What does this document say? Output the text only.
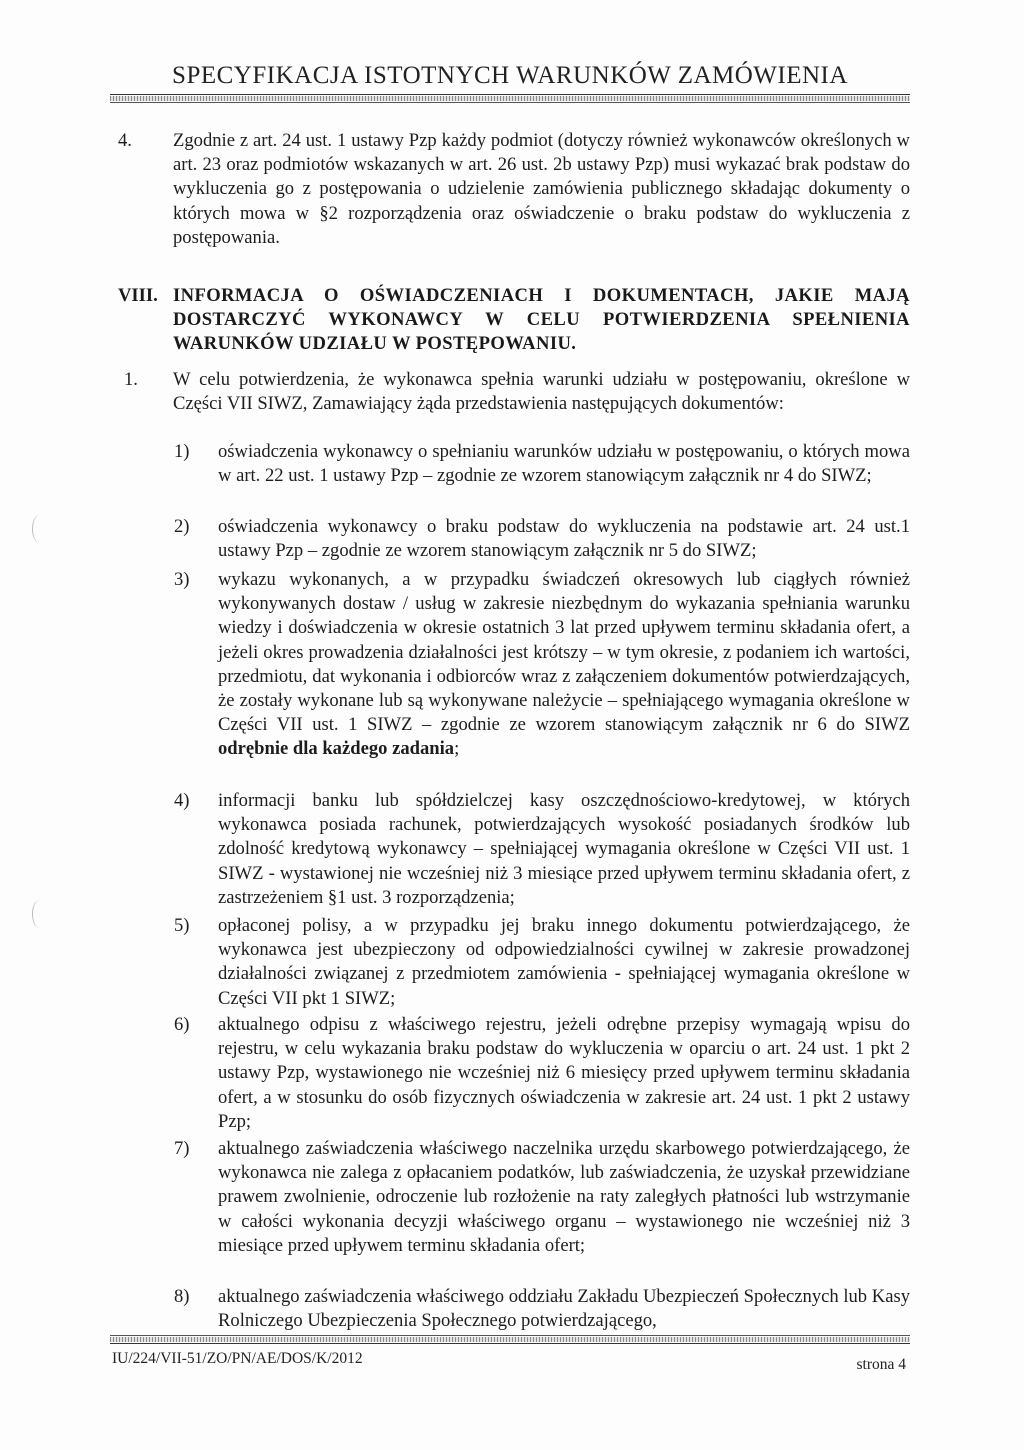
SPECYFIKACJA ISTOTNYCH WARUNKÓW ZAMÓWIENIA
4. Zgodnie z art. 24 ust. 1 ustawy Pzp każdy podmiot (dotyczy również wykonawców określonych w art. 23 oraz podmiotów wskazanych w art. 26 ust. 2b ustawy Pzp) musi wykazać brak podstaw do wykluczenia go z postępowania o udzielenie zamówienia publicznego składając dokumenty o których mowa w §2 rozporządzenia oraz oświadczenie o braku podstaw do wykluczenia z postępowania.
VIII. INFORMACJA O OŚWIADCZENIACH I DOKUMENTACH, JAKIE MAJĄ DOSTARCZYĆ WYKONAWCY W CELU POTWIERDZENIA SPEŁNIENIA WARUNKÓW UDZIAŁU W POSTĘPOWANIU.
1. W celu potwierdzenia, że wykonawca spełnia warunki udziału w postępowaniu, określone w Części VII SIWZ, Zamawiający żąda przedstawienia następujących dokumentów:
1) oświadczenia wykonawcy o spełnianiu warunków udziału w postępowaniu, o których mowa w art. 22 ust. 1 ustawy Pzp – zgodnie ze wzorem stanowiącym załącznik nr 4 do SIWZ;
2) oświadczenia wykonawcy o braku podstaw do wykluczenia na podstawie art. 24 ust.1 ustawy Pzp – zgodnie ze wzorem stanowiącym załącznik nr 5 do SIWZ;
3) wykazu wykonanych, a w przypadku świadczeń okresowych lub ciągłych również wykonywanych dostaw / usług w zakresie niezbędnym do wykazania spełniania warunku wiedzy i doświadczenia w okresie ostatnich 3 lat przed upływem terminu składania ofert, a jeżeli okres prowadzenia działalności jest krótszy – w tym okresie, z podaniem ich wartości, przedmiotu, dat wykonania i odbiorców wraz z załączeniem dokumentów potwierdzających, że zostały wykonane lub są wykonywane należycie – spełniającego wymagania określone w Części VII ust. 1 SIWZ – zgodnie ze wzorem stanowiącym załącznik nr 6 do SIWZ odrębnie dla każdego zadania;
4) informacji banku lub spółdzielczej kasy oszczędnościowo-kredytowej, w których wykonawca posiada rachunek, potwierdzających wysokość posiadanych środków lub zdolność kredytową wykonawcy – spełniającej wymagania określone w Części VII ust. 1 SIWZ - wystawionej nie wcześniej niż 3 miesiące przed upływem terminu składania ofert, z zastrzeżeniem §1 ust. 3 rozporządzenia;
5) opłaconej polisy, a w przypadku jej braku innego dokumentu potwierdzającego, że wykonawca jest ubezpieczony od odpowiedzialności cywilnej w zakresie prowadzonej działalności związanej z przedmiotem zamówienia - spełniającej wymagania określone w Części VII pkt 1 SIWZ;
6) aktualnego odpisu z właściwego rejestru, jeżeli odrębne przepisy wymagają wpisu do rejestru, w celu wykazania braku podstaw do wykluczenia w oparciu o art. 24 ust. 1 pkt 2 ustawy Pzp, wystawionego nie wcześniej niż 6 miesięcy przed upływem terminu składania ofert, a w stosunku do osób fizycznych oświadczenia w zakresie art. 24 ust. 1 pkt 2 ustawy Pzp;
7) aktualnego zaświadczenia właściwego naczelnika urzędu skarbowego potwierdzającego, że wykonawca nie zalega z opłacaniem podatków, lub zaświadczenia, że uzyskał przewidziane prawem zwolnienie, odroczenie lub rozłożenie na raty zaległych płatności lub wstrzymanie w całości wykonania decyzji właściwego organu – wystawionego nie wcześniej niż 3 miesiące przed upływem terminu składania ofert;
8) aktualnego zaświadczenia właściwego oddziału Zakładu Ubezpieczeń Społecznych lub Kasy Rolniczego Ubezpieczenia Społecznego potwierdzającego,
IU/224/VII-51/ZO/PN/AE/DOS/K/2012	strona 4
